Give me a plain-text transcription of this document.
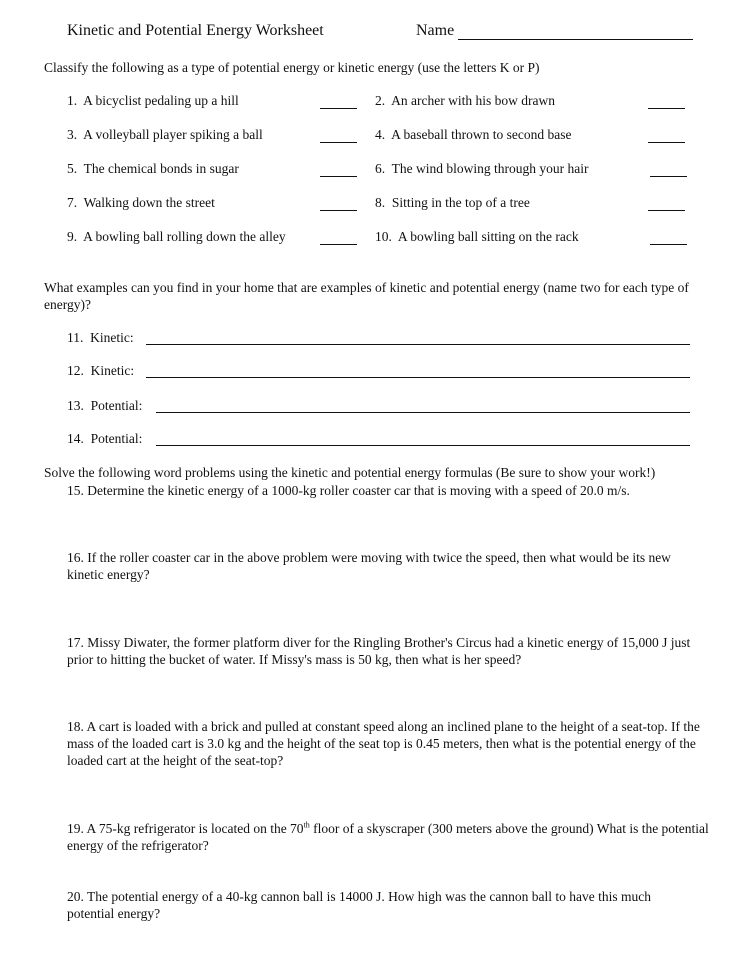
Kinetic and Potential Energy Worksheet	Name
Classify the following as a type of potential energy or kinetic energy (use the letters K or P)
1. A bicyclist pedaling up a hill	2. An archer with his bow drawn
3. A volleyball player spiking a ball	4. A baseball thrown to second base
5. The chemical bonds in sugar	6. The wind blowing through your hair
7. Walking down the street	8. Sitting in the top of a tree
9. A bowling ball rolling down the alley	10. A bowling ball sitting on the rack
What examples can you find in your home that are examples of kinetic and potential energy (name two for each type of energy)?
11. Kinetic:
12. Kinetic:
13. Potential:
14. Potential:
Solve the following word problems using the kinetic and potential energy formulas (Be sure to show your work!)
15. Determine the kinetic energy of a 1000-kg roller coaster car that is moving with a speed of 20.0 m/s.
16. If the roller coaster car in the above problem were moving with twice the speed, then what would be its new kinetic energy?
17. Missy Diwater, the former platform diver for the Ringling Brother's Circus had a kinetic energy of 15,000 J just prior to hitting the bucket of water. If Missy's mass is 50 kg, then what is her speed?
18. A cart is loaded with a brick and pulled at constant speed along an inclined plane to the height of a seat-top. If the mass of the loaded cart is 3.0 kg and the height of the seat top is 0.45 meters, then what is the potential energy of the loaded cart at the height of the seat-top?
19. A 75-kg refrigerator is located on the 70th floor of a skyscraper (300 meters above the ground) What is the potential energy of the refrigerator?
20. The potential energy of a 40-kg cannon ball is 14000 J. How high was the cannon ball to have this much potential energy?
